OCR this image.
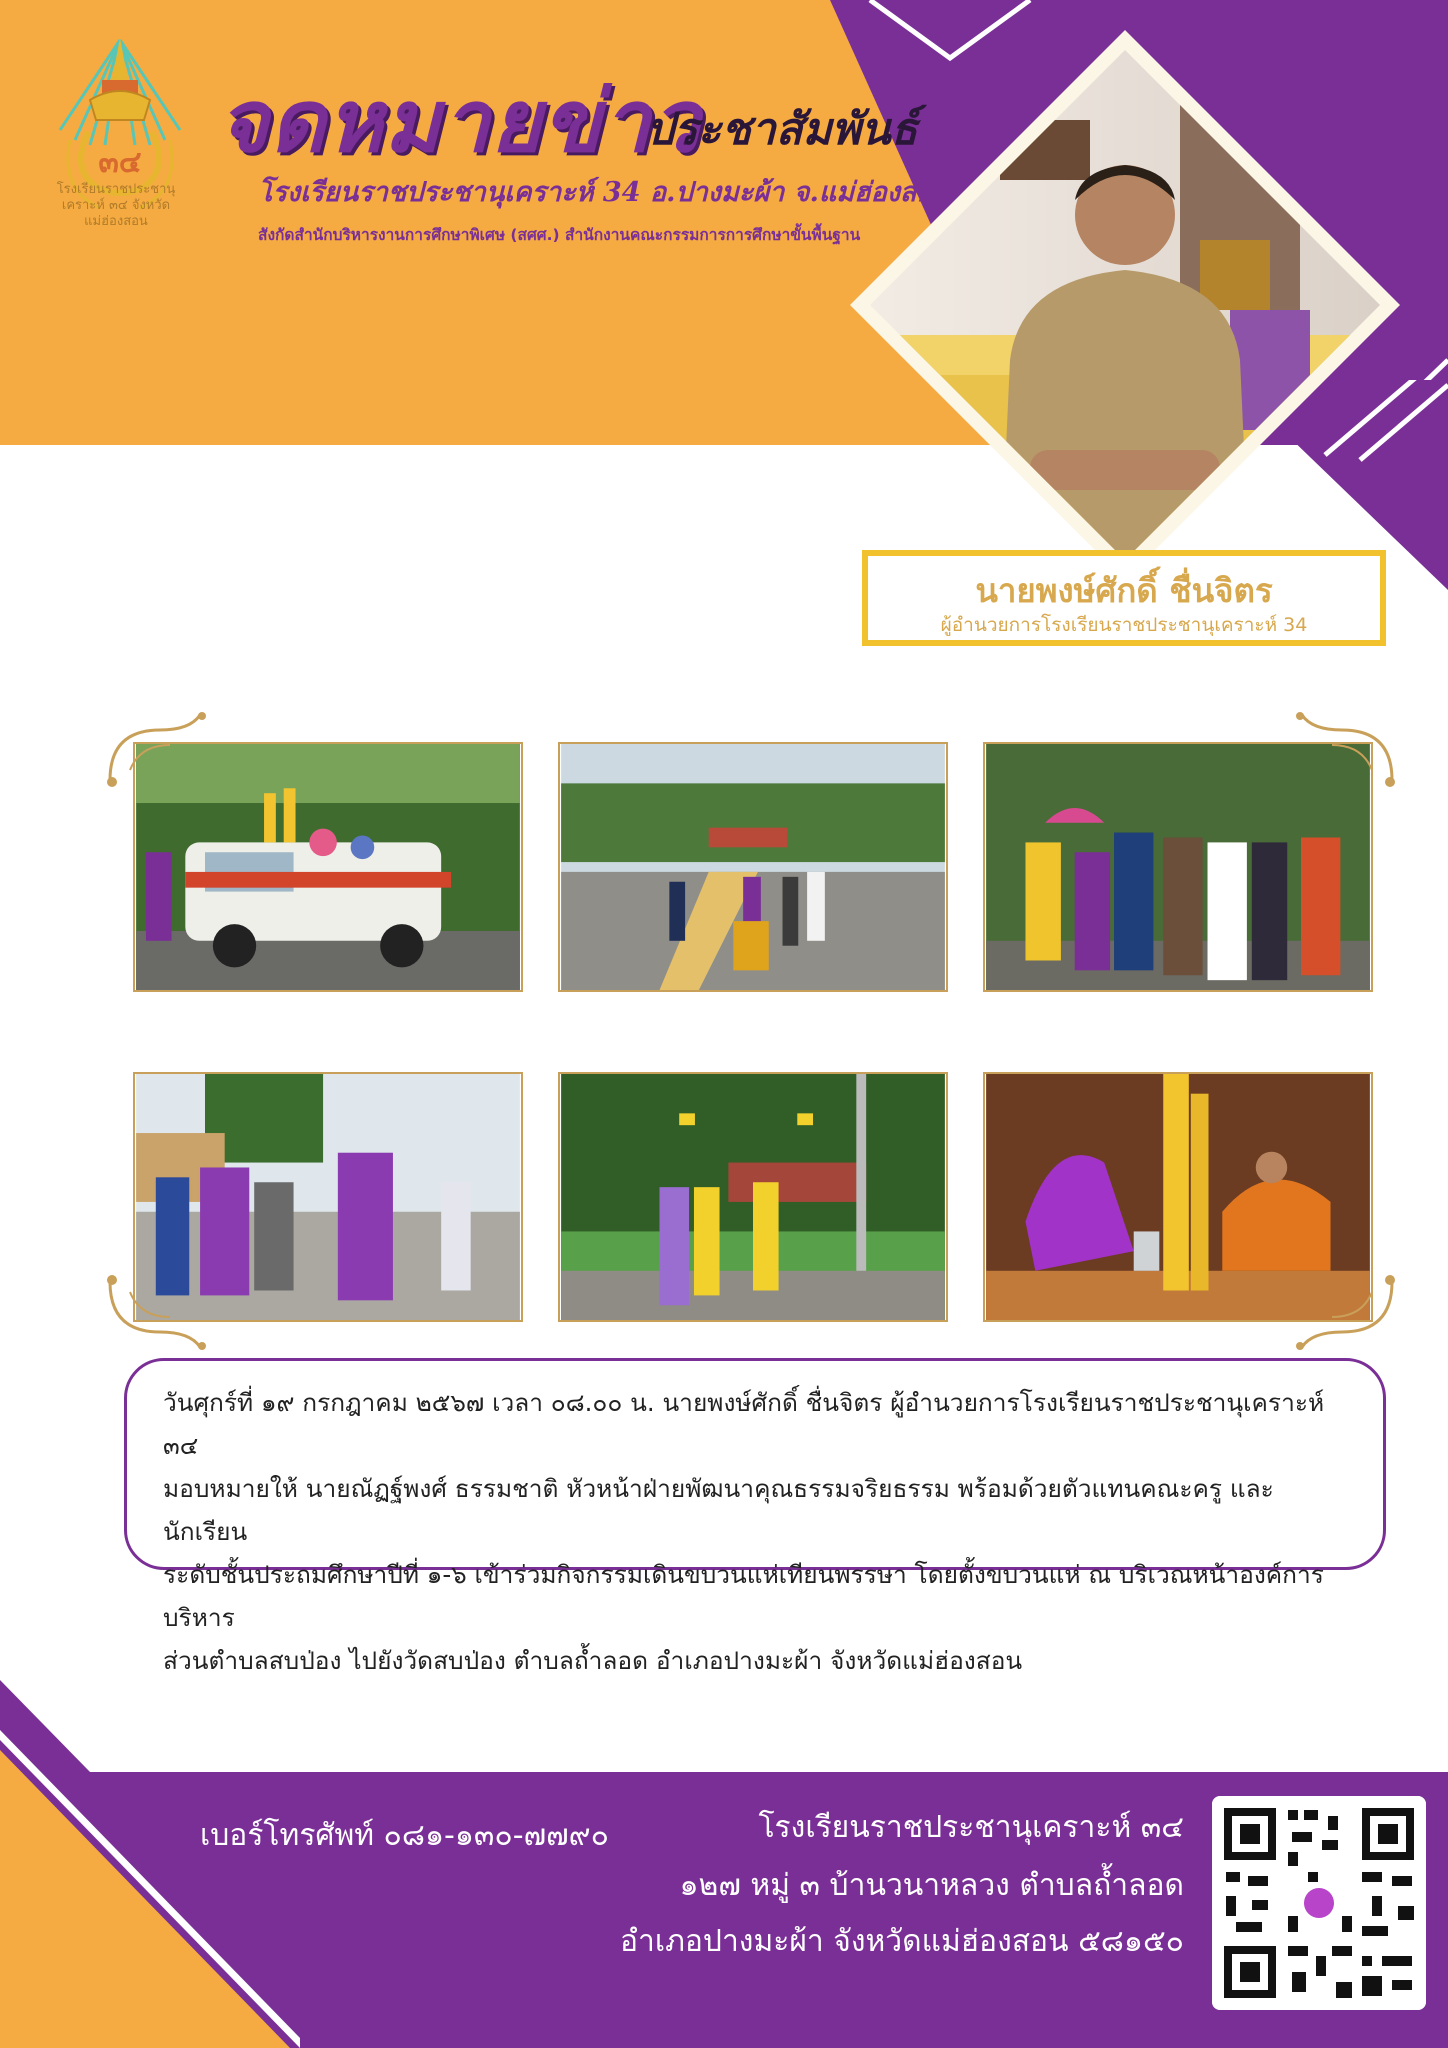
๓๔
โรงเรียนราชประชานุเคราะห์ ๓๔ จังหวัดแม่ฮ่องสอน
จดหมายข่าว
ประชาสัมพันธ์
โรงเรียนราชประชานุเคราะห์ 34 อ.ปางมะผ้า จ.แม่ฮ่องสอน
สังกัดสำนักบริหารงานการศึกษาพิเศษ (สศศ.) สำนักงานคณะกรรมการการศึกษาขั้นพื้นฐาน
นายพงษ์ศักดิ์ ชื่นจิตร
ผู้อำนวยการโรงเรียนราชประชานุเคราะห์ 34
วันศุกร์ที่ ๑๙ กรกฎาคม ๒๕๖๗ เวลา ๐๘.๐๐ น. นายพงษ์ศักดิ์ ชื่นจิตร ผู้อำนวยการโรงเรียนราชประชานุเคราะห์ ๓๔
มอบหมายให้ นายณัฏฐ์พงศ์ ธรรมชาติ หัวหน้าฝ่ายพัฒนาคุณธรรมจริยธรรม พร้อมด้วยตัวแทนคณะครู และนักเรียน
ระดับชั้นประถมศึกษาปีที่ ๑-๖ เข้าร่วมกิจกรรมเดินขบวนแห่เทียนพรรษา โดยตั้งขบวนแห่ ณ บริเวณหน้าองค์การบริหาร
ส่วนตำบลสบป่อง ไปยังวัดสบป่อง ตำบลถ้ำลอด อำเภอปางมะผ้า จังหวัดแม่ฮ่องสอน
เบอร์โทรศัพท์ ๐๘๑-๑๓๐-๗๗๙๐	โรงเรียนราชประชานุเคราะห์ ๓๔
๑๒๗ หมู่ ๓ บ้านวนาหลวง ตำบลถ้ำลอด
อำเภอปางมะผ้า จังหวัดแม่ฮ่องสอน ๕๘๑๕๐
